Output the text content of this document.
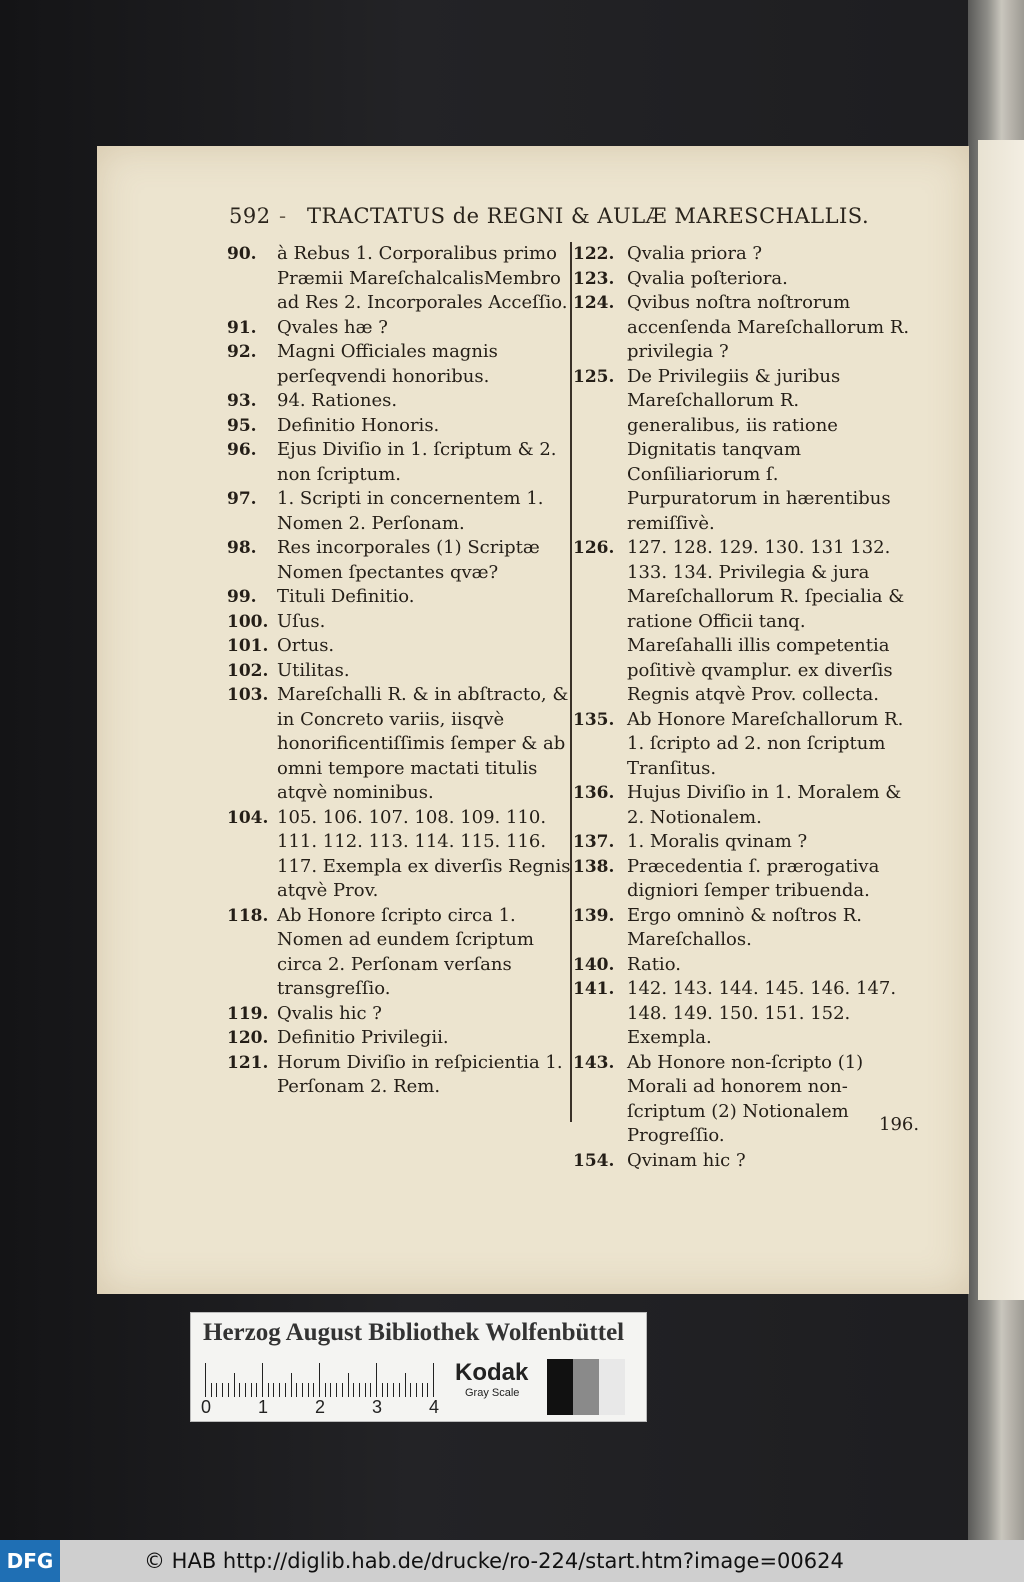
592 - TRACTATUS de REGNI & AULÆ MARESCHALLIS.
90.	à Rebus 1. Corporalibus primo Præmii MareſchalcalisMembro ad Res 2. Incorporales Acceſſio.
91.	Qvales hæ ?
92.	Magni Officiales magnis perſeqvendi honoribus.
93.	94. Rationes.
95.	Definitio Honoris.
96.	Ejus Diviſio in 1. ſcriptum & 2. non ſcriptum.
97.	1. Scripti in concernentem 1. Nomen 2. Perſonam.
98.	Res incorporales (1) Scriptæ Nomen ſpectantes qvæ?
99.	Tituli Definitio.
100. Uſus.
101. Ortus.
102. Utilitas.
103. Mareſchalli R. & in abſtracto, & in Concreto variis, iisqvè honorificentiſſimis ſemper & ab omni tempore mactati titulis atqvè nominibus.
104. 105. 106. 107. 108. 109. 110. 111. 112. 113. 114. 115. 116. 117. Exempla ex diverſis Regnis atqvè Prov.
118. Ab Honore ſcripto circa 1. Nomen ad eundem ſcriptum circa 2. Perſonam verſans transgreſſio.
119. Qvalis hic ?
120. Definitio Privilegii.
121. Horum Diviſio in reſpicientia 1. Perſonam 2. Rem.
122. Qvalia priora ?
123. Qvalia poſteriora.
124. Qvibus noſtra noſtrorum accenſenda Mareſchallorum R. privilegia ?
125. De Privilegiis & juribus Mareſchallorum R. generalibus, iis ratione Dignitatis tanqvam Conſiliariorum ſ. Purpuratorum in hærentibus remiſſivè.
126. 127. 128. 129. 130. 131 132. 133. 134. Privilegia & jura Mareſchallorum R. ſpecialia & ratione Officii tanq. Mareſahalli illis competentia poſitivè qvamplur. ex diverſis Regnis atqvè Prov. collecta.
135. Ab Honore Mareſchallorum R. 1. ſcripto ad 2. non ſcriptum Tranſitus.
136. Hujus Diviſio in 1. Moralem & 2. Notionalem.
137. 1. Moralis qvinam ?
138. Præcedentia ſ. prærogativa digniori ſemper tribuenda.
139. Ergo omninò & noſtros R. Mareſchallos.
140. Ratio.
141. 142. 143. 144. 145. 146. 147. 148. 149. 150. 151. 152. Exempla.
143. Ab Honore non-ſcripto (1) Morali ad honorem non-ſcriptum (2) Notionalem Progreſſio.
154. Qvinam hic ?
196.
Herzog August Bibliothek Wolfenbüttel
0	1	2	3	4
Kodak
Gray Scale
DFG	© HAB http://diglib.hab.de/drucke/ro-224/start.htm?image=00624
